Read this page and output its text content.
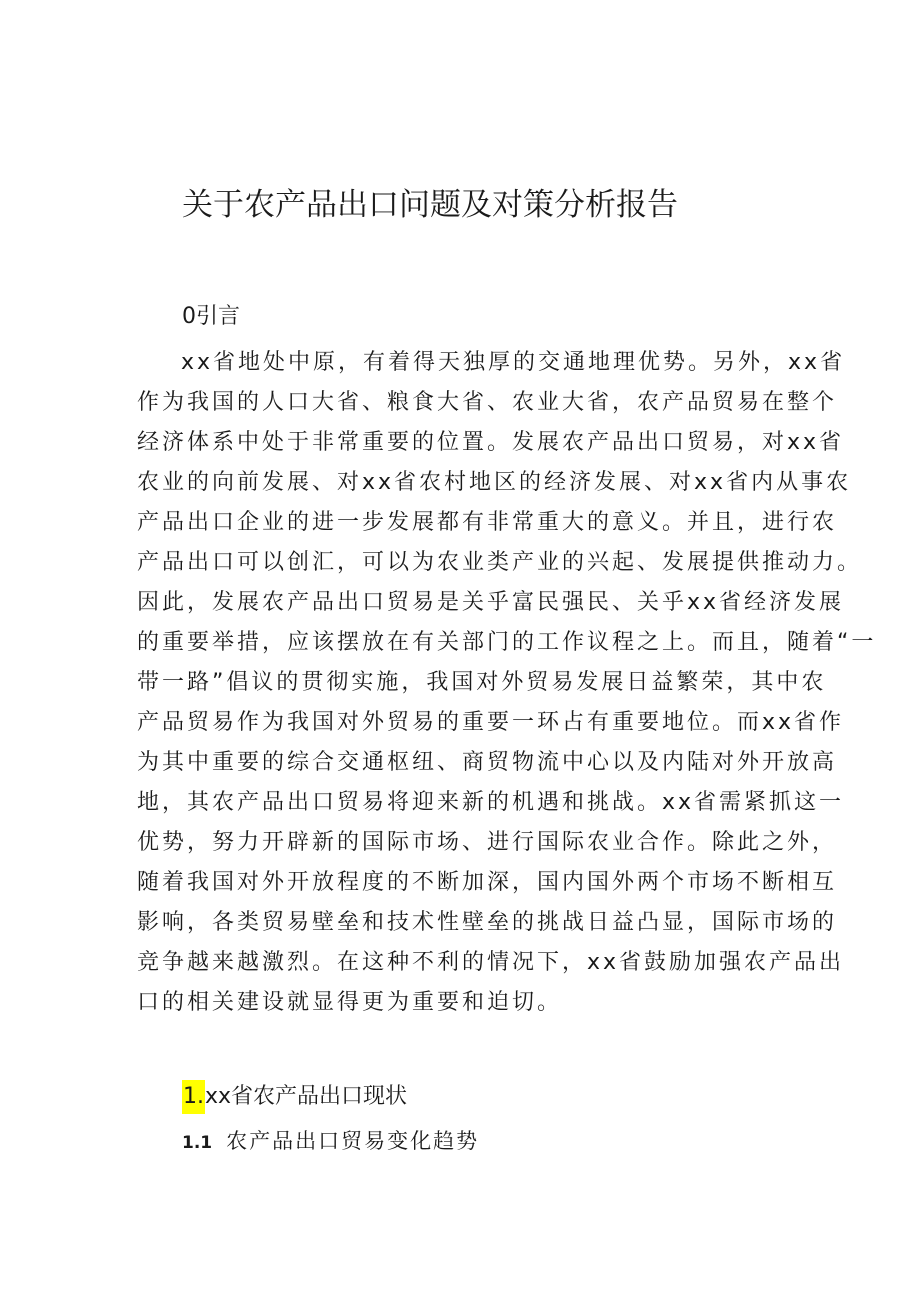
关于农产品出口问题及对策分析报告
0引言
xx省地处中原，有着得天独厚的交通地理优势。另外，xx省
作为我国的人口大省、粮食大省、农业大省，农产品贸易在整个
经济体系中处于非常重要的位置。发展农产品出口贸易，对xx省
农业的向前发展、对xx省农村地区的经济发展、对xx省内从事农
产品出口企业的进一步发展都有非常重大的意义。并且，进行农
产品出口可以创汇，可以为农业类产业的兴起、发展提供推动力。
因此，发展农产品出口贸易是关乎富民强民、关乎xx省经济发展
的重要举措，应该摆放在有关部门的工作议程之上。而且，随着“一
带一路”倡议的贯彻实施，我国对外贸易发展日益繁荣，其中农
产品贸易作为我国对外贸易的重要一环占有重要地位。而xx省作
为其中重要的综合交通枢纽、商贸物流中心以及内陆对外开放高
地，其农产品出口贸易将迎来新的机遇和挑战。xx省需紧抓这一
优势，努力开辟新的国际市场、进行国际农业合作。除此之外，
随着我国对外开放程度的不断加深，国内国外两个市场不断相互
影响，各类贸易壁垒和技术性壁垒的挑战日益凸显，国际市场的
竞争越来越激烈。在这种不利的情况下，xx省鼓励加强农产品出
口的相关建设就显得更为重要和迫切。
1.xx省农产品出口现状
1.1 农产品出口贸易变化趋势
